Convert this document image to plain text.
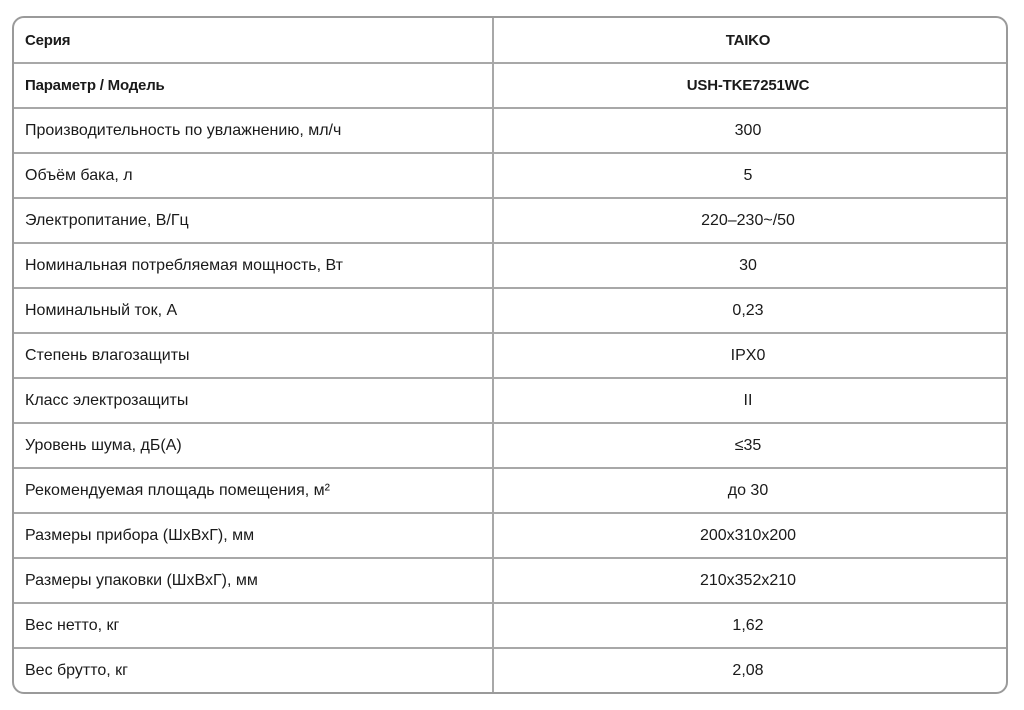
Серия	TAIKO
Параметр / Модель	USH-TKE7251WC
Производительность по увлажнению, мл/ч	300
Объём бака, л	5
Электропитание, В/Гц	220–230~/50
Номинальная потребляемая мощность, Вт	30
Номинальный ток, А	0,23
Степень влагозащиты	IPX0
Класс электрозащиты	II
Уровень шума, дБ(А)	≤35
Рекомендуемая площадь помещения, м²	до 30
Размеры прибора (ШхВхГ), мм	200x310x200
Размеры упаковки (ШхВхГ), мм	210x352x210
Вес нетто, кг	1,62
Вес брутто, кг	2,08
